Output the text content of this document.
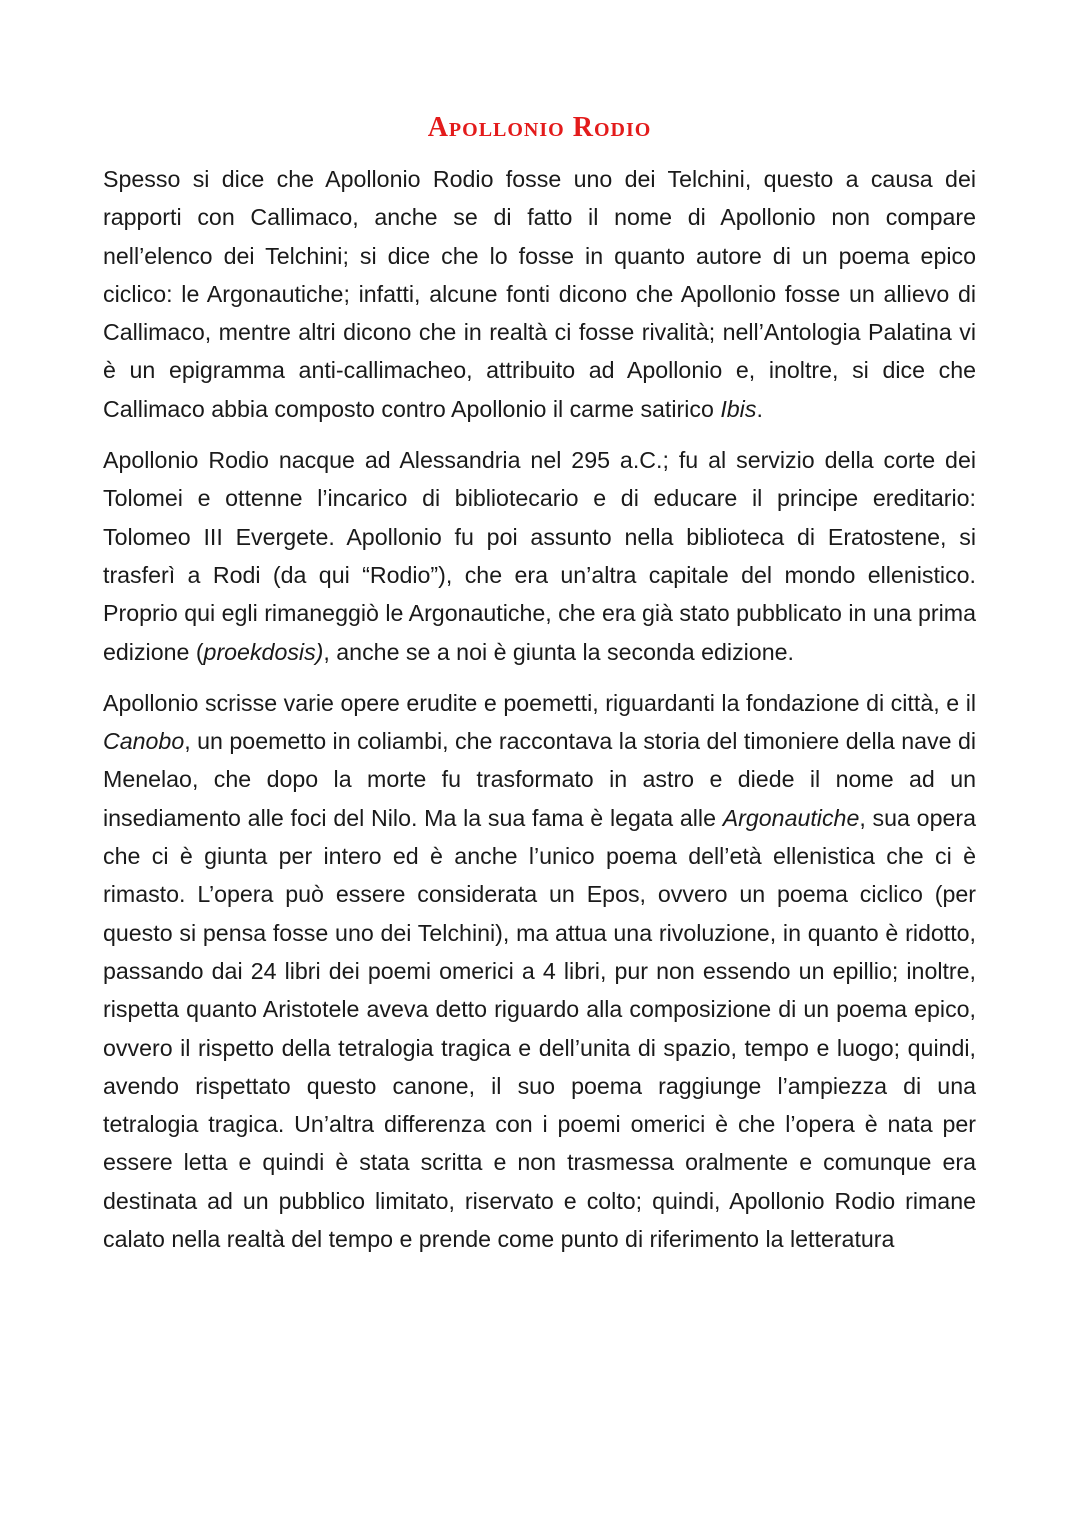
Apollonio Rodio

Spesso si dice che Apollonio Rodio fosse uno dei Telchini, questo a causa dei rapporti con Callimaco, anche se di fatto il nome di Apollonio non compare nell’elenco dei Telchini; si dice che lo fosse in quanto autore di un poema epico ciclico: le Argonautiche; infatti, alcune fonti dicono che Apollonio fosse un allievo di Callimaco, mentre altri dicono che in realtà ci fosse rivalità; nell’Antologia Palatina vi è un epigramma anti-callimacheo, attribuito ad Apollonio e, inoltre, si dice che Callimaco abbia composto contro Apollonio il carme satirico Ibis.

Apollonio Rodio nacque ad Alessandria nel 295 a.C.; fu al servizio della corte dei Tolomei e ottenne l’incarico di bibliotecario e di educare il principe ereditario: Tolomeo III Evergete. Apollonio fu poi assunto nella biblioteca di Eratostene, si trasferì a Rodi (da qui “Rodio”), che era un’altra capitale del mondo ellenistico. Proprio qui egli rimaneggiò le Argonautiche, che era già stato pubblicato in una prima edizione (proekdosis), anche se a noi è giunta la seconda edizione.

Apollonio scrisse varie opere erudite e poemetti, riguardanti la fondazione di città, e il Canobo, un poemetto in coliambi, che raccontava la storia del timoniere della nave di Menelao, che dopo la morte fu trasformato in astro e diede il nome ad un insediamento alle foci del Nilo. Ma la sua fama è legata alle Argonautiche, sua opera che ci è giunta per intero ed è anche l’unico poema dell’età ellenistica che ci è rimasto. L’opera può essere considerata un Epos, ovvero un poema ciclico (per questo si pensa fosse uno dei Telchini), ma attua una rivoluzione, in quanto è ridotto, passando dai 24 libri dei poemi omerici a 4 libri, pur non essendo un epillio; inoltre, rispetta quanto Aristotele aveva detto riguardo alla composizione di un poema epico, ovvero il rispetto della tetralogia tragica e dell’unita di spazio, tempo e luogo; quindi, avendo rispettato questo canone, il suo poema raggiunge l’ampiezza di una tetralogia tragica. Un’altra differenza con i poemi omerici è che l’opera è nata per essere letta e quindi è stata scritta e non trasmessa oralmente e comunque era destinata ad un pubblico limitato, riservato e colto; quindi, Apollonio Rodio rimane calato nella realtà del tempo e prende come punto di riferimento la letteratura
